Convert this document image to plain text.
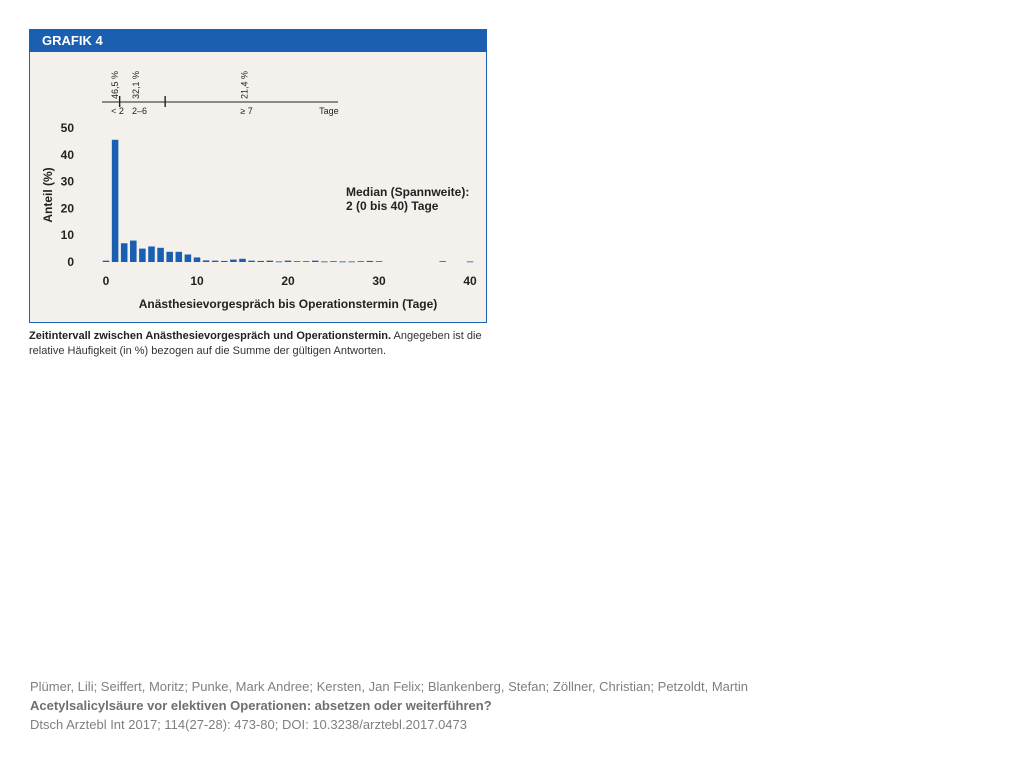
GRAFIK 4
0
10
20
30
40
50
0	10	20	30	40
Anästhesievorgespräch bis Operationstermin (Tage)
Anteil (%)	Median (Spannweite):
2 (0 bis 40) Tage
< 2
46,5 %
2–6
32,1 %
≥ 7
21,4 %
Tage
Zeitintervall zwischen Anästhesievorgespräch und Operationstermin. Angegeben ist die relative Häufigkeit (in %) bezogen auf die Summe der gültigen Antworten.
Plümer, Lili; Seiffert, Moritz; Punke, Mark Andree; Kersten, Jan Felix; Blankenberg, Stefan; Zöllner, Christian; Petzoldt, Martin
Acetylsalicylsäure vor elektiven Operationen: absetzen oder weiterführen?
Dtsch Arztebl Int 2017; 114(27-28): 473-80; DOI: 10.3238/arztebl.2017.0473
